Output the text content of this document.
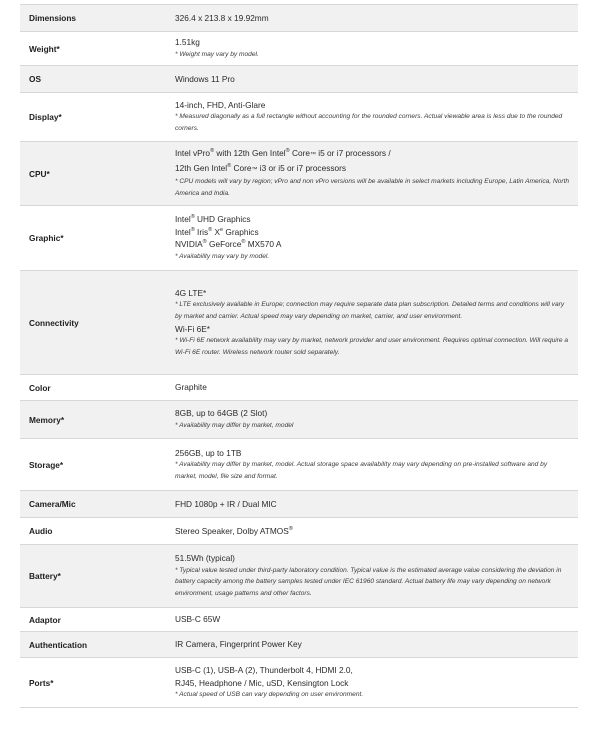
Dimensions	326.4 x 213.8 x 19.92mm

Weight*	1.51kg
* Weight may vary by model.

OS	Windows 11 Pro

Display*	14-inch, FHD, Anti-Glare
* Measured diagonally as a full rectangle without accounting for the rounded corners. Actual viewable area is less due to the rounded corners.

CPU*	Intel vPro® with 12th Gen Intel® Core™ i5 or i7 processors /
12th Gen Intel® Core™ i3 or i5 or i7 processors
* CPU models will vary by region; vPro and non vPro versions will be available in select markets including Europe, Latin America, North America and India.

Graphic*	Intel® UHD Graphics
Intel® Iris® Xe Graphics
NVIDIA® GeForce® MX570 A
* Availability may vary by model.

Connectivity	4G LTE*
* LTE exclusively available in Europe; connection may require separate data plan subscription. Detailed terms and conditions will vary by market and carrier. Actual speed may vary depending on market, carrier, and user environment.
Wi-Fi 6E*
* Wi-Fi 6E network availability may vary by market, network provider and user environment. Requires optimal connection. Will require a Wi-Fi 6E router. Wireless network router sold separately.

Color	Graphite

Memory*	8GB, up to 64GB (2 Slot)
* Availability may differ by market, model

Storage*	256GB, up to 1TB
* Availability may differ by market, model. Actual storage space availability may vary depending on pre-installed software and by market, model, file size and format.

Camera/Mic	FHD 1080p + IR / Dual MIC

Audio	Stereo Speaker, Dolby ATMOS®

Battery*	51.5Wh (typical)
* Typical value tested under third-party laboratory condition. Typical value is the estimated average value considering the deviation in battery capacity among the battery samples tested under IEC 61960 standard. Actual battery life may vary depending on network environment, usage patterns and other factors.

Adaptor	USB-C 65W

Authentication	IR Camera, Fingerprint Power Key

Ports*	USB-C (1), USB-A (2), Thunderbolt 4, HDMI 2.0,
RJ45, Headphone / Mic, uSD, Kensington Lock
* Actual speed of USB can vary depending on user environment.
